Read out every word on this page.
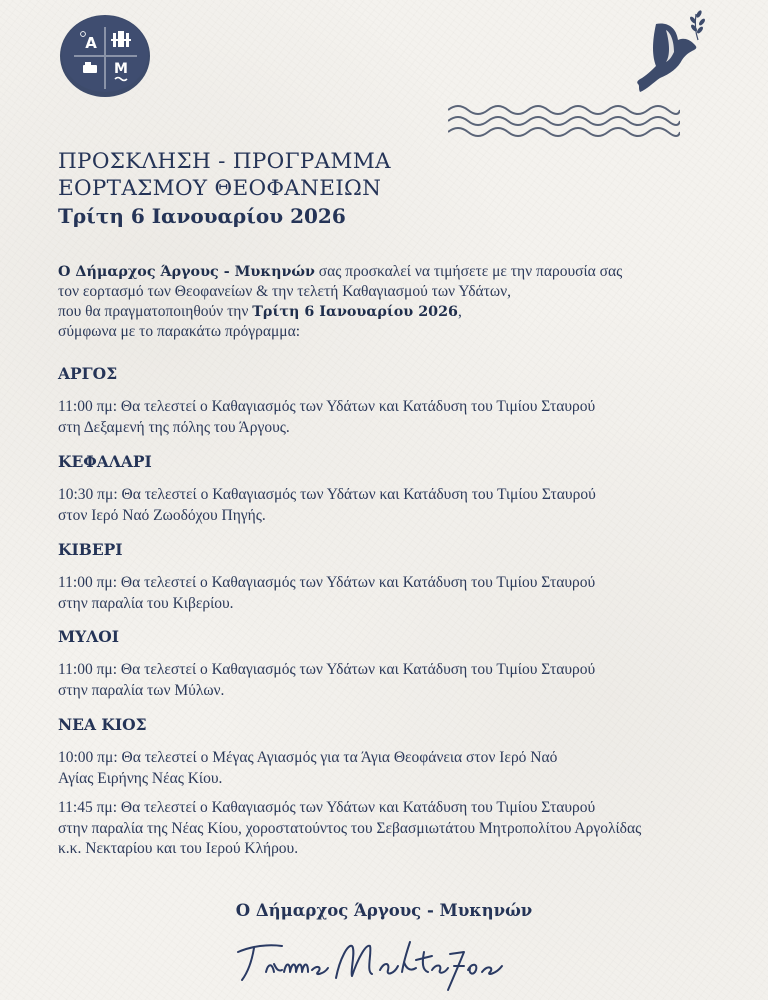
A
M
ΠΡΟΣΚΛΗΣΗ - ΠΡΟΓΡΑΜΜΑ
ΕΟΡΤΑΣΜΟΥ ΘΕΟΦΑΝΕΙΩΝ
Τρίτη 6 Ιανουαρίου 2026
Ο Δήμαρχος Άργους - Μυκηνών σας προσκαλεί να τιμήσετε με την παρουσία σας
τον εορτασμό των Θεοφανείων & την τελετή Καθαγιασμού των Υδάτων,
που θα πραγματοποιηθούν την Τρίτη 6 Ιανουαρίου 2026,
σύμφωνα με το παρακάτω πρόγραμμα:
ΑΡΓΟΣ
11:00 πμ: Θα τελεστεί ο Καθαγιασμός των Υδάτων και Κατάδυση του Τιμίου Σταυρού
στη Δεξαμενή της πόλης του Άργους.
ΚΕΦΑΛΑΡΙ
10:30 πμ: Θα τελεστεί ο Καθαγιασμός των Υδάτων και Κατάδυση του Τιμίου Σταυρού
στον Ιερό Ναό Ζωοδόχου Πηγής.
ΚΙΒΕΡΙ
11:00 πμ: Θα τελεστεί ο Καθαγιασμός των Υδάτων και Κατάδυση του Τιμίου Σταυρού
στην παραλία του Κιβερίου.
ΜΥΛΟΙ
11:00 πμ: Θα τελεστεί ο Καθαγιασμός των Υδάτων και Κατάδυση του Τιμίου Σταυρού
στην παραλία των Μύλων.
ΝΕΑ ΚΙΟΣ
10:00 πμ: Θα τελεστεί ο Μέγας Αγιασμός για τα Άγια Θεοφάνεια στον Ιερό Ναό
Αγίας Ειρήνης Νέας Κίου.
11:45 πμ: Θα τελεστεί ο Καθαγιασμός των Υδάτων και Κατάδυση του Τιμίου Σταυρού
στην παραλία της Νέας Κίου, χοροστατούντος του Σεβασμιωτάτου Μητροπολίτου Αργολίδας
κ.κ. Νεκταρίου και του Ιερού Κλήρου.
Ο Δήμαρχος Άργους - Μυκηνών
